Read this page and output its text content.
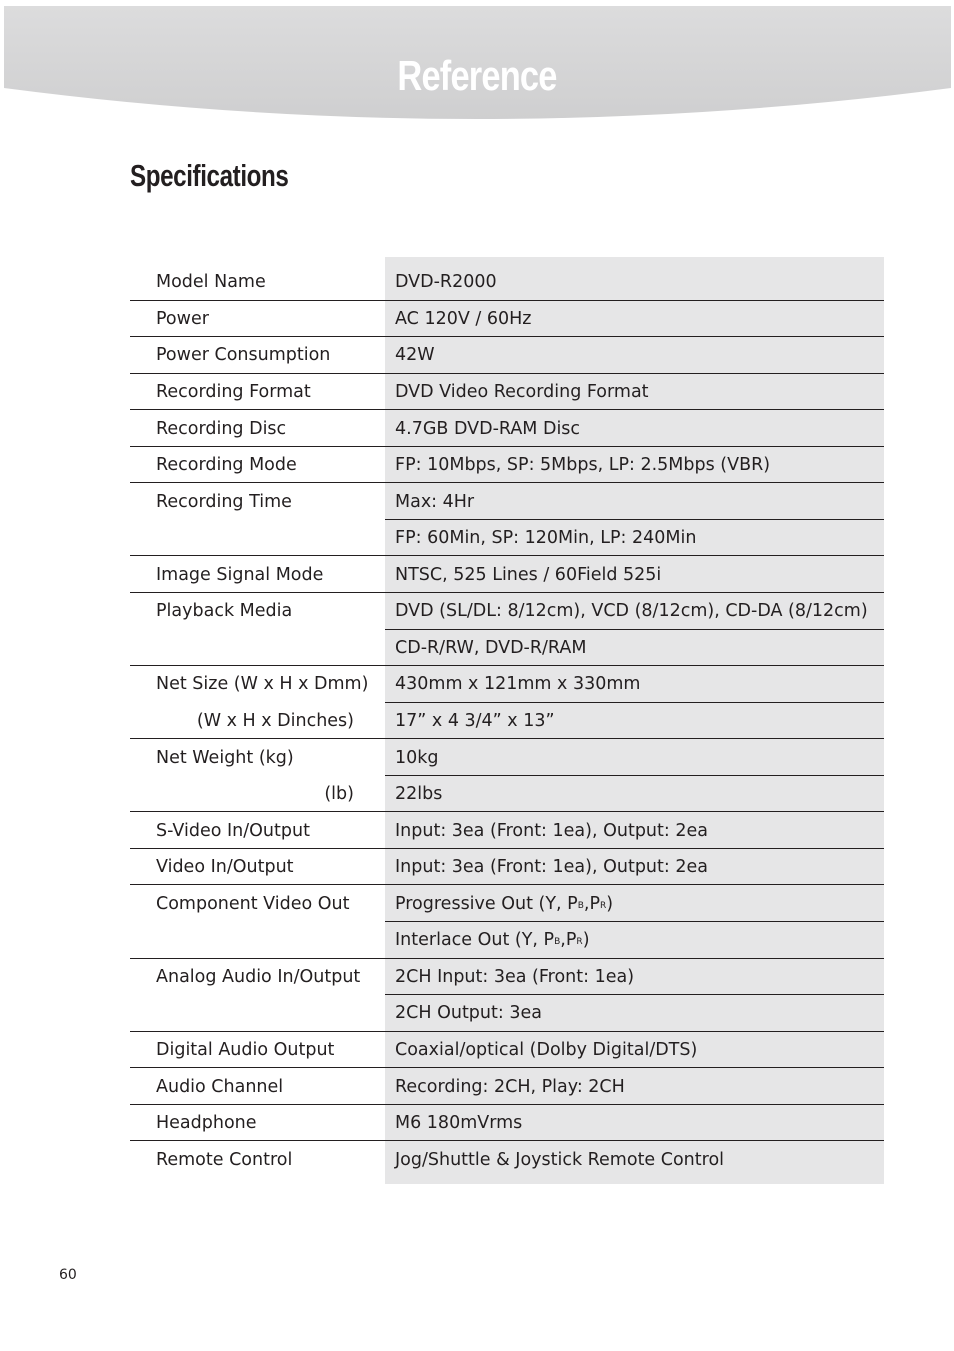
Reference
Specifications
Model Name	DVD-R2000
Power	AC 120V / 60Hz
Power Consumption	42W
Recording Format	DVD Video Recording Format
Recording Disc	4.7GB DVD-RAM Disc
Recording Mode	FP: 10Mbps, SP: 5Mbps, LP: 2.5Mbps (VBR)
Recording Time	Max: 4Hr
FP: 60Min, SP: 120Min, LP: 240Min
Image Signal Mode	NTSC, 525 Lines / 60Field 525i
Playback Media	DVD (SL/DL: 8/12cm), VCD (8/12cm), CD-DA (8/12cm)
CD-R/RW, DVD-R/RAM
Net Size (W x H x Dmm) 430mm x 121mm x 330mm
(W x H x Dinches) 17” x 4 3/4” x 13”
Net Weight (kg)	10kg
(lb) 22lbs
S-Video In/Output	Input: 3ea (Front: 1ea), Output: 2ea
Video In/Output	Input: 3ea (Front: 1ea), Output: 2ea
Component Video Out	Progressive Out (Y, $P_B,P_R$)
Interlace Out (Y, $P_B,P_R$)
Analog Audio In/Output 2CH Input: 3ea (Front: 1ea)
2CH Output: 3ea
Digital Audio Output	Coaxial/optical (Dolby Digital/DTS)
Audio Channel	Recording: 2CH, Play: 2CH
Headphone	M6 180mVrms
Remote Control	Jog/Shuttle & Joystick Remote Control
60
